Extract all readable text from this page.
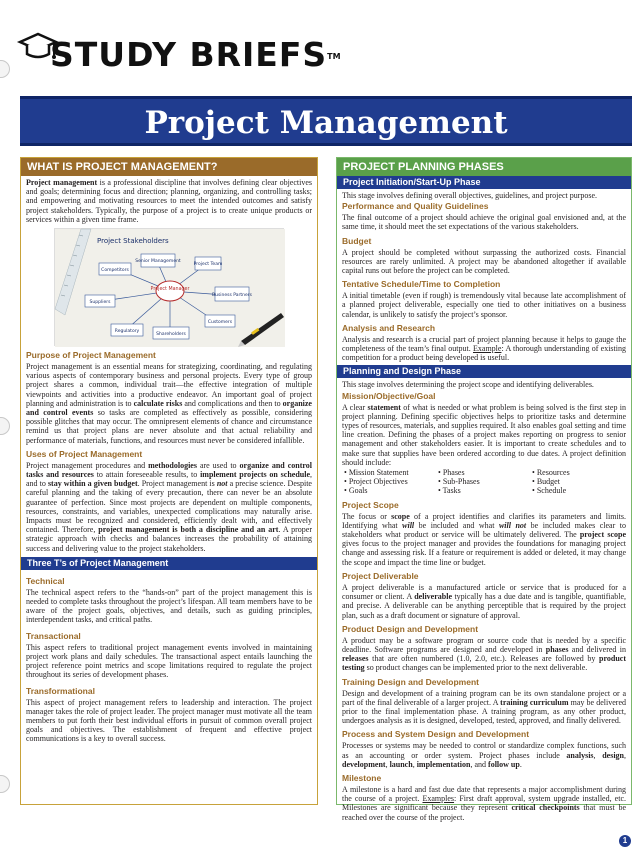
STUDY BRIEFS™
Project Management
WHAT IS PROJECT MANAGEMENT?

Project management is a professional discipline that involves defining clear objectives and goals; determining focus and direction; planning, organizing, and controlling tasks; and empowering and motivating resources to meet the intended outcomes and satisfy project stakeholders. Typically, the purpose of a project is to create unique products or services within a given time frame.

Project Stakeholders
Project Manager
Senior Management
Project Team
Competitors
Business Partners
Suppliers
Customers
Regulatory
Shareholders
Purpose of Project Management

Project management is an essential means for strategizing, coordinating, and regulating various aspects of contemporary business and personal projects. Every type of group project shares a common, individual trait—the effective integration of multiple viewpoints and activities into a productive endeavor. An important goal of project planning and administration is to calculate risks and complications and then to organize and control events so tasks are completed as effectively as possible, considering possible glitches that may occur. The omnipresent elements of chance and circumstance remind us that project plans are never absolute and that actual reliability and performance of materials, functions, and resources must never be considered infallible.

Uses of Project Management

Project management procedures and methodologies are used to organize and control tasks and resources to attain foreseeable results, to implement projects on schedule, and to stay within a given budget. Project management is not a precise science. Despite careful planning and the taking of every precaution, there can never be an absolute guarantee of perfection. Since most projects are dependent on multiple components, resources, constraints, and variables, unexpected complications may naturally arise. Impacts must be recognized and considered, efficiently dealt with, and effectively contained. Therefore, project management is both a discipline and an art. A proper strategic approach with checks and balances increases the probability of attaining success and delivering value to the project stakeholders.

Three T’s of Project Management
Technical

The technical aspect refers to the “hands-on” part of the project management this is needed to complete tasks throughout the project’s lifespan. All team members have to be aware of the project goals, objectives, and details, such as guiding principles, interdependent tasks, and critical paths.

Transactional

This aspect refers to traditional project management events involved in maintaining project work plans and daily schedules. The transactional aspect entails launching the project reference point metrics and scope limitations required to regulate the project throughout its series of development phases.

Transformational

This aspect of project management refers to leadership and interaction. The project manager takes the role of project leader. The project manager must motivate all the team members to put forth their best individual efforts in pursuit of common overall project goals and objectives. The establishment of frequent and effective project communications is a key to overall success.

PROJECT PLANNING PHASES
Project Initiation/Start-Up Phase

This stage involves defining overall objectives, guidelines, and project purpose.

Performance and Quality Guidelines

The final outcome of a project should achieve the original goal envisioned and, at the same time, it should meet the set expectations of the various stakeholders.

Budget

A project should be completed without surpassing the authorized costs. Financial resources are rarely unlimited. A project may be abandoned altogether if available capital runs out before the project can be completed.

Tentative Schedule/Time to Completion

A initial timetable (even if rough) is tremendously vital because late accomplishment of a planned project deliverable, especially one tied to other initiatives on a business calendar, is unlikely to satisfy the project’s sponsor.

Analysis and Research

Analysis and research is a crucial part of project planning because it helps to gauge the completeness of the team’s final output. Example: A thorough understanding of existing competition for a product being developed is useful.

Planning and Design Phase

This stage involves determining the project scope and identifying deliverables.

Mission/Objective/Goal

A clear statement of what is needed or what problem is being solved is the first step in project planning. Defining specific objectives helps to prioritize tasks and determine types of resources, materials, and supplies required. It also enables goal setting and time line creation. Defining the phases of a project makes reporting on progress to senior management and other stakeholders easier. It is important to create schedules and to make sure that supplies have been ordered according to due dates. A project definition should include:

• Mission Statement	• Phases	• Resources
• Project Objectives	• Sub-Phases	• Budget
• Goals	• Tasks	• Schedule
Project Scope

The focus or scope of a project identifies and clarifies its parameters and limits. Identifying what will be included and what will not be included makes clear to stakeholders what product or service will be ultimately delivered. The project scope gives focus to the project manager and provides the foundations for managing project change and assessing risk. If a feature or requirement is added or deleted, it may change the scope and impact the time line or budget.

Project Deliverable

A project deliverable is a manufactured article or service that is produced for a consumer or client. A deliverable typically has a due date and is tangible, quantifiable, and precise. A deliverable can be anything perceptible that is required by the project plan, such as a draft document or signature of approval.

Product Design and Development

A product may be a software program or source code that is needed by a specific deadline. Software programs are designed and developed in phases and delivered in releases that are often numbered (1.0, 2.0, etc.). Releases are followed by product testing so product changes can be implemented prior to the next deliverable.

Training Design and Development

Design and development of a training program can be its own standalone project or a part of the final deliverable of a larger project. A training curriculum may be delivered prior to the final implementation phase. A training program, as any other product, undergoes analysis as it is designed, developed, tested, approved, and finally delivered.

Process and System Design and Development

Processes or systems may be needed to control or standardize complex functions, such as an accounting or order system. Project phases include analysis, design, development, launch, implementation, and follow up.

Milestone

A milestone is a hard and fast due date that represents a major accomplishment during the course of a project. Examples: First draft approval, system upgrade installed, etc. Milestones are significant because they represent critical checkpoints that must be reached over the course of the project.

1
